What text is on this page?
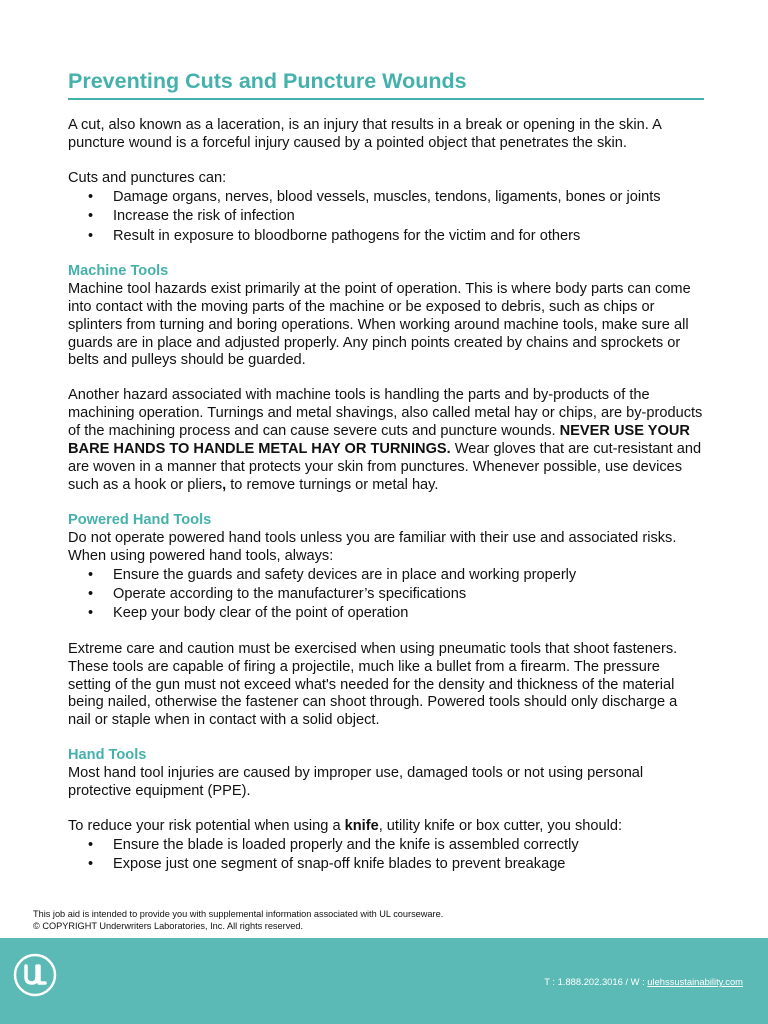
Preventing Cuts and Puncture Wounds

A cut, also known as a laceration, is an injury that results in a break or opening in the skin. A puncture wound is a forceful injury caused by a pointed object that penetrates the skin.

Cuts and punctures can:

• Damage organs, nerves, blood vessels, muscles, tendons, ligaments, bones or joints
• Increase the risk of infection
• Result in exposure to bloodborne pathogens for the victim and for others
Machine Tools

Machine tool hazards exist primarily at the point of operation. This is where body parts can come into contact with the moving parts of the machine or be exposed to debris, such as chips or splinters from turning and boring operations. When working around machine tools, make sure all guards are in place and adjusted properly. Any pinch points created by chains and sprockets or belts and pulleys should be guarded.

Another hazard associated with machine tools is handling the parts and by-products of the machining operation. Turnings and metal shavings, also called metal hay or chips, are by-products of the machining process and can cause severe cuts and puncture wounds. NEVER USE YOUR BARE HANDS TO HANDLE METAL HAY OR TURNINGS. Wear gloves that are cut-resistant and are woven in a manner that protects your skin from punctures. Whenever possible, use devices such as a hook or pliers, to remove turnings or metal hay.

Powered Hand Tools

Do not operate powered hand tools unless you are familiar with their use and associated risks. When using powered hand tools, always:

• Ensure the guards and safety devices are in place and working properly
• Operate according to the manufacturer’s specifications
• Keep your body clear of the point of operation

Extreme care and caution must be exercised when using pneumatic tools that shoot fasteners. These tools are capable of firing a projectile, much like a bullet from a firearm. The pressure setting of the gun must not exceed what's needed for the density and thickness of the material being nailed, otherwise the fastener can shoot through. Powered tools should only discharge a nail or staple when in contact with a solid object.

Hand Tools

Most hand tool injuries are caused by improper use, damaged tools or not using personal protective equipment (PPE).

To reduce your risk potential when using a knife, utility knife or box cutter, you should:

• Ensure the blade is loaded properly and the knife is assembled correctly
• Expose just one segment of snap-off knife blades to prevent breakage
This job aid is intended to provide you with supplemental information associated with UL courseware.
© COPYRIGHT Underwriters Laboratories, Inc. All rights reserved.
T : 1.888.202.3016 / W : ulehssustainability.com
